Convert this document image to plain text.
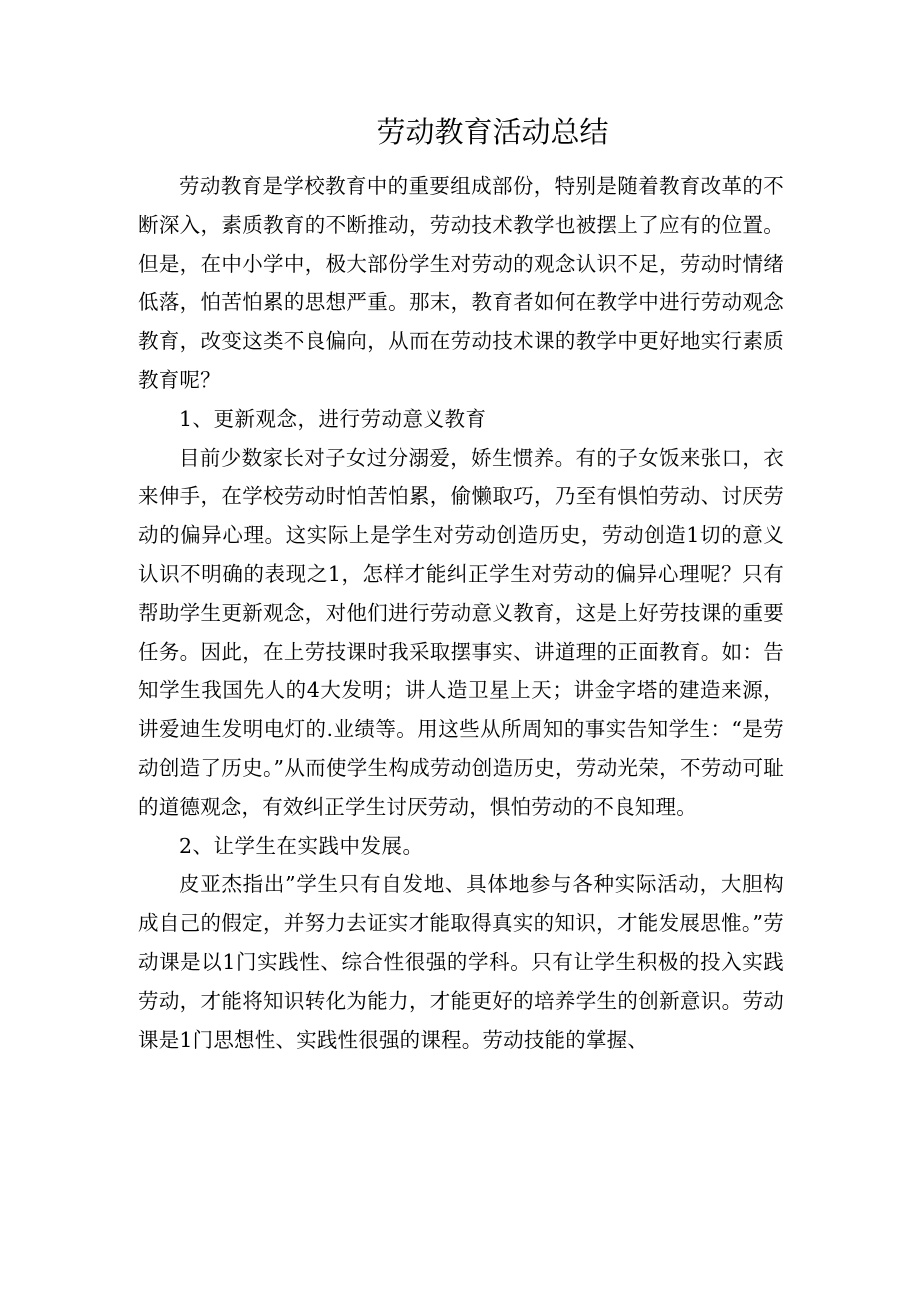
劳动教育活动总结

劳动教育是学校教育中的重要组成部份，特别是随着教育改革的不断深入，素质教育的不断推动，劳动技术教学也被摆上了应有的位置。但是，在中小学中，极大部份学生对劳动的观念认识不足，劳动时情绪低落，怕苦怕累的思想严重。那末，教育者如何在教学中进行劳动观念教育，改变这类不良偏向，从而在劳动技术课的教学中更好地实行素质教育呢？

1、更新观念，进行劳动意义教育

目前少数家长对子女过分溺爱，娇生惯养。有的子女饭来张口，衣来伸手，在学校劳动时怕苦怕累，偷懒取巧，乃至有惧怕劳动、讨厌劳动的偏异心理。这实际上是学生对劳动创造历史，劳动创造1切的意义认识不明确的表现之1，怎样才能纠正学生对劳动的偏异心理呢？只有帮助学生更新观念，对他们进行劳动意义教育，这是上好劳技课的重要任务。因此，在上劳技课时我采取摆事实、讲道理的正面教育。如：告知学生我国先人的4大发明；讲人造卫星上天；讲金字塔的建造来源，讲爱迪生发明电灯的.业绩等。用这些从所周知的事实告知学生：“是劳动创造了历史。”从而使学生构成劳动创造历史，劳动光荣，不劳动可耻的道德观念，有效纠正学生讨厌劳动，惧怕劳动的不良知理。

2、让学生在实践中发展。

皮亚杰指出”学生只有自发地、具体地参与各种实际活动，大胆构成自己的假定，并努力去证实才能取得真实的知识，才能发展思惟。”劳动课是以1门实践性、综合性很强的学科。只有让学生积极的投入实践劳动，才能将知识转化为能力，才能更好的培养学生的创新意识。劳动课是1门思想性、实践性很强的课程。劳动技能的掌握、
